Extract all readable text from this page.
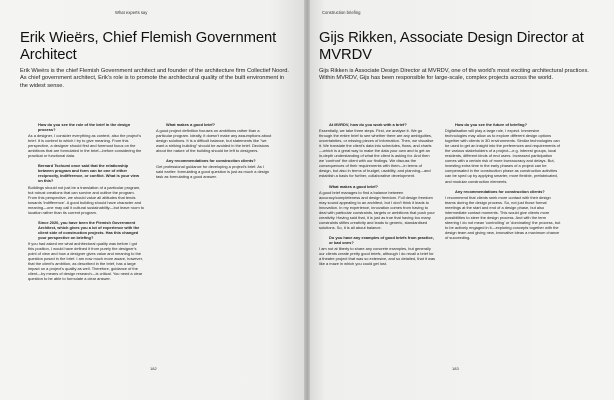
What experts say
Erik Wieërs, Chief Flemish Government Architect

Erik Wieërs is the chief Flemish Government architect and founder of the architecture firm Collectief Noord. As chief government architect, Erik's role is to promote the architectural quality of the built environment in the widest sense.

How do you see the role of the brief in the design process?

As a designer, I consider everything as context, also the project's brief. It is context to which I try to give meaning. From this perspective, a designer should first and foremost focus on the ambitions that are formulated in the brief—before considering the practical or functional data.

Bernard Tschumi once said that the relationship between program and form can be one of either reciprocity, indifference, or conflict. What is your view on this?

Buildings should not just be a translation of a particular program, but robust creations that can survive and outlive the program. From this perspective, we should value all attitudes that tends towards 'indifference'. A good building should have character and meaning—one may call it cultural sustainability—but leave room to location rather than its current program.

Since 2020, you have been the Flemish Government Architect, which gives you a lot of experience with the client side of construction projects. Has this changed your perspective on briefing?

If you had asked me what architectural quality was before I got this position, I would have defined it from purely the designer's point of view and how a designer gives value and meaning to the question posed in the brief. I am now much more aware, however, that the client's ambition, as described in the brief, has a large impact on a project's quality as well. Therefore, guidance of the client—by means of design research—is critical. You need a clear question to be able to formulate a clear answer.

What makes a good brief?

A good project definition focuses on ambitions rather than a particular program. Ideally, it doesn't make any assumptions about design solutions. It is a difficult balance, but statements like "we want a striking building" should be avoided in the brief. Decisions about the nature of the building should be left to designers.

Any recommendations for construction clients?

Get professional guidance for developing a project's brief. As I said earlier: formulating a good question is just as much a design task as formulating a good answer.

182
Construction briefing
Gijs Rikken, Associate Design Director at MVRDV

Gijs Rikken is Associate Design Director at MVRDV, one of the world's most exciting architectural practices. Within MVRDV, Gijs has been responsible for large-scale, complex projects across the world.

At MVRDV, how do you work with a brief?

Essentially, we take three steps. First, we analyse it. We go through the entire brief to see whether there are any ambiguities, uncertainties, or missing pieces of information. Then, we visualise it. We translate the client's data into schedules, flows, and charts—which is a great way to make the data your own and to get an in-depth understanding of what the client is asking for. And then we 'confront' the client with our findings. We discuss the consequences of their requirements with them—in terms of design, but also in terms of budget, usability, and planning—and establish a basis for further, collaborative development.

What makes a good brief?

A good brief manages to find a balance between accuracy/completeness and design freedom. Full design freedom may sound appealing to an architect, but I don't think it leads to innovation. In my experience, innovation comes from having to deal with particular constraints, targets or ambitions that push your creativity. Having said that, it is just as true that having too many constraints stifles creativity and leads to generic, standardised solutions. So, it is all about balance.

Do you have any examples of good briefs from practice, or bad ones?

I am not at liberty to share any concrete examples, but generally our clients create pretty good briefs, although I do recall a brief for a theatre project that was so extensive, and so detailed, that it was like a maze in which you could get lost.

How do you see the future of briefing?

Digitalisation will play a large role, I expect. Immersive technologies may allow us to explore different design options together with clients in 3D environments. Similar technologies can be used to get an insight into the preferences and requirements of the various stakeholders of a project—e.g. interest groups, local residents, different kinds of end users. Increased participation comes with a certain risk of more bureaucracy and delays. But, investing extra time in the early phases of a project can be compensated in the construction phase as construction activities can be sped up by applying smarter, more flexible, prefabricated, and modular construction elements.

Any recommendations for construction clients?

I recommend that clients seek more contact with their design teams during the design process. So, not just those formal meetings at the start and end of a design phase, but also intermediate contact moments. This would give clients more possibilities to steer the design process. And with the term steering I do not mean 'controlling' or 'dominating' the process, but to be actively engaged in it—exploring concepts together with the design team and giving new, innovative ideas a maximum chance of succeeding.

183
